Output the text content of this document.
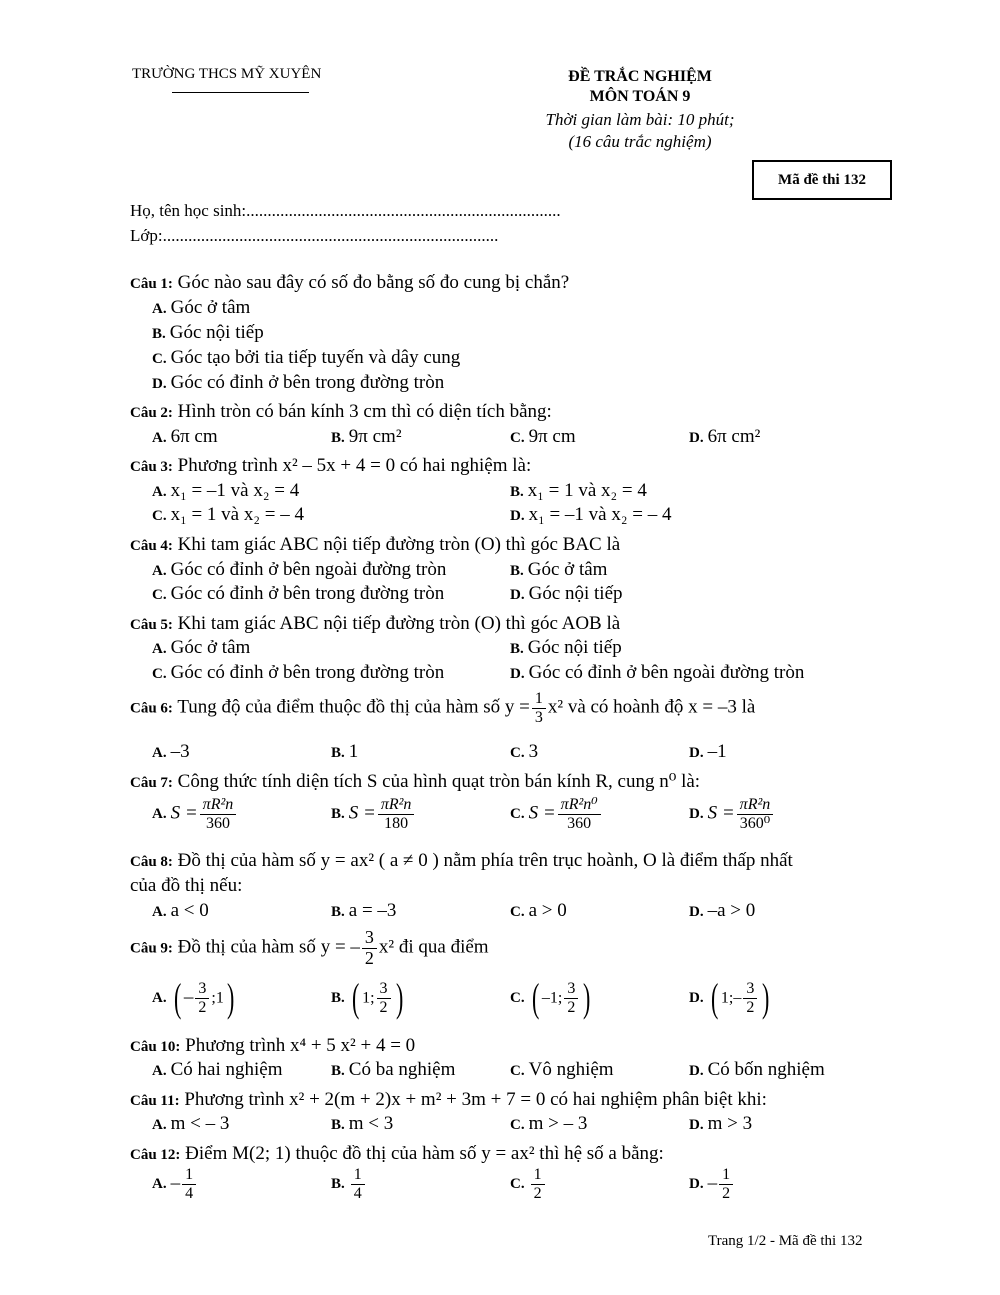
TRƯỜNG THCS MỸ XUYÊN	ĐỀ TRẮC NGHIỆM
MÔN TOÁN 9
Thời gian làm bài: 10 phút;
(16 câu trắc nghiệm)
Mã đề thi 132
Họ, tên học sinh:..........................................................................
Lớp:...............................................................................
Câu 1: Góc nào sau đây có số đo bằng số đo cung bị chắn?
A. Góc ở tâm
B. Góc nội tiếp
C. Góc tạo bởi tia tiếp tuyến và dây cung
D. Góc có đỉnh ở bên trong đường tròn
Câu 2: Hình tròn có bán kính 3 cm thì có diện tích bằng:
A. 6π cm	B. 9π cm²	C. 9π cm	D. 6π cm²
Câu 3: Phương trình x² – 5x + 4 = 0 có hai nghiệm là:
A. x₁ = –1 và x₂ = 4	B. x₁ = 1 và x₂ = 4
C. x₁ = 1 và x₂ = – 4	D. x₁ = –1 và x₂ = – 4
Câu 4: Khi tam giác ABC nội tiếp đường tròn (O) thì góc BAC là
A. Góc có đỉnh ở bên ngoài đường tròn	B. Góc ở tâm
C. Góc có đỉnh ở bên trong đường tròn	D. Góc nội tiếp
Câu 5: Khi tam giác ABC nội tiếp đường tròn (O) thì góc AOB là
A. Góc ở tâm	B. Góc nội tiếp
C. Góc có đỉnh ở bên trong đường tròn	D. Góc có đỉnh ở bên ngoài đường tròn
Câu 6: Tung độ của điểm thuộc đồ thị của hàm số $y = \frac{1}{3} x^2$ và có hoành độ x = –3 là
A. –3	B. 1	C. 3	D. –1
Câu 7: Công thức tính diện tích S của hình quạt tròn bán kính R, cung n⁰ là:
A. $S = \frac{\text{πR²n}}{360}$	B. $S = \frac{\text{πR²n}}{180}$	C. $S = \frac{\text{πR²n⁰}}{360}$	D. $S = \frac{\text{πR²n}}{\text{360⁰}}$
Câu 8: Đồ thị của hàm số y = ax² ( a ≠ 0 ) nằm phía trên trục hoành, O là điểm thấp nhất
của đồ thị nếu:
A. a < 0	B. a = –3	C. a > 0	D. –a > 0
Câu 9: Đồ thị của hàm số y = – $\frac{3}{2} x^2$ đi qua điểm
A. ( – $\frac{3}{2}$ ;1)	B. ( 1; $\frac{3}{2}$ )	C. ( –1; $\frac{3}{2}$ )	D. ( 1;– $\frac{3}{2}$ )
Câu 10: Phương trình x⁴ + 5 x² + 4 = 0
A. Có hai nghiệm	B. Có ba nghiệm	C. Vô nghiệm	D. Có bốn nghiệm
Câu 11: Phương trình x² + 2(m + 2)x + m² + 3m + 7 = 0 có hai nghiệm phân biệt khi:
A. m < – 3	B. m < 3	C. m > – 3	D. m > 3
Câu 12: Điểm M(2; 1) thuộc đồ thị của hàm số y = ax² thì hệ số a bằng:
A. – $\frac{1}{4}$	B. $\frac{1}{4}$	C. $\frac{1}{2}$	D. – $\frac{1}{2}$
Trang 1/2 - Mã đề thi 132
